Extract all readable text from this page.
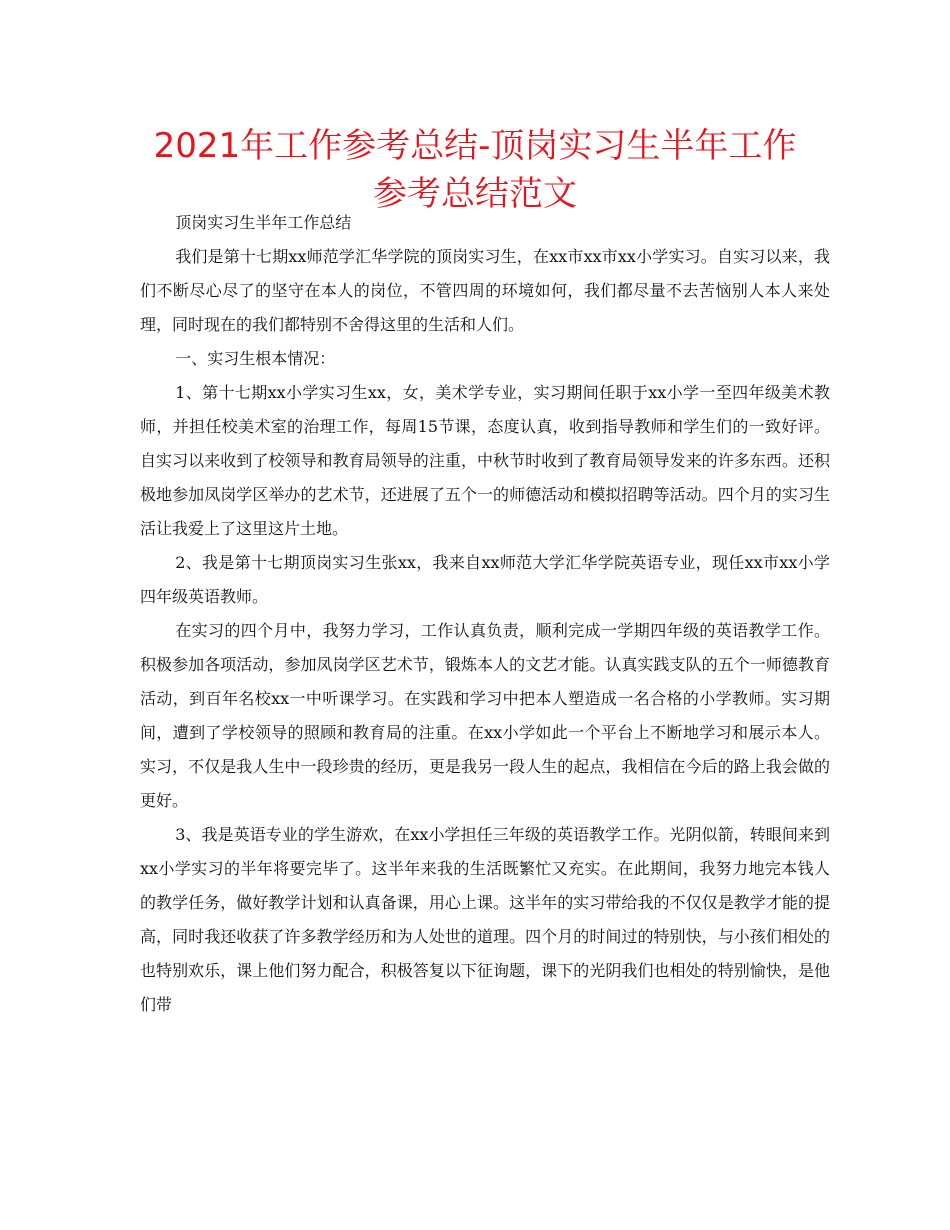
2021年工作参考总结-顶岗实习生半年工作参考总结范文

顶岗实习生半年工作总结

我们是第十七期xx师范学汇华学院的顶岗实习生，在xx市xx市xx小学实习。自实习以来，我们不断尽心尽了的坚守在本人的岗位，不管四周的环境如何，我们都尽量不去苦恼别人本人来处理，同时现在的我们都特别不舍得这里的生活和人们。

一、实习生根本情况：

1、第十七期xx小学实习生xx，女，美术学专业，实习期间任职于xx小学一至四年级美术教师，并担任校美术室的治理工作，每周15节课，态度认真，收到指导教师和学生们的一致好评。自实习以来收到了校领导和教育局领导的注重，中秋节时收到了教育局领导发来的许多东西。还积极地参加凤岗学区举办的艺术节，还进展了五个一的师德活动和模拟招聘等活动。四个月的实习生活让我爱上了这里这片土地。

2、我是第十七期顶岗实习生张xx，我来自xx师范大学汇华学院英语专业，现任xx市xx小学四年级英语教师。

在实习的四个月中，我努力学习，工作认真负责，顺利完成一学期四年级的英语教学工作。积极参加各项活动，参加凤岗学区艺术节，锻炼本人的文艺才能。认真实践支队的五个一师德教育活动，到百年名校xx一中听课学习。在实践和学习中把本人塑造成一名合格的小学教师。实习期间，遭到了学校领导的照顾和教育局的注重。在xx小学如此一个平台上不断地学习和展示本人。实习，不仅是我人生中一段珍贵的经历，更是我另一段人生的起点，我相信在今后的路上我会做的更好。

3、我是英语专业的学生游欢，在xx小学担任三年级的英语教学工作。光阴似箭，转眼间来到xx小学实习的半年将要完毕了。这半年来我的生活既繁忙又充实。在此期间，我努力地完本钱人的教学任务，做好教学计划和认真备课，用心上课。这半年的实习带给我的不仅仅是教学才能的提高，同时我还收获了许多教学经历和为人处世的道理。四个月的时间过的特别快，与小孩们相处的也特别欢乐，课上他们努力配合，积极答复以下征询题，课下的光阴我们也相处的特别愉快，是他们带
